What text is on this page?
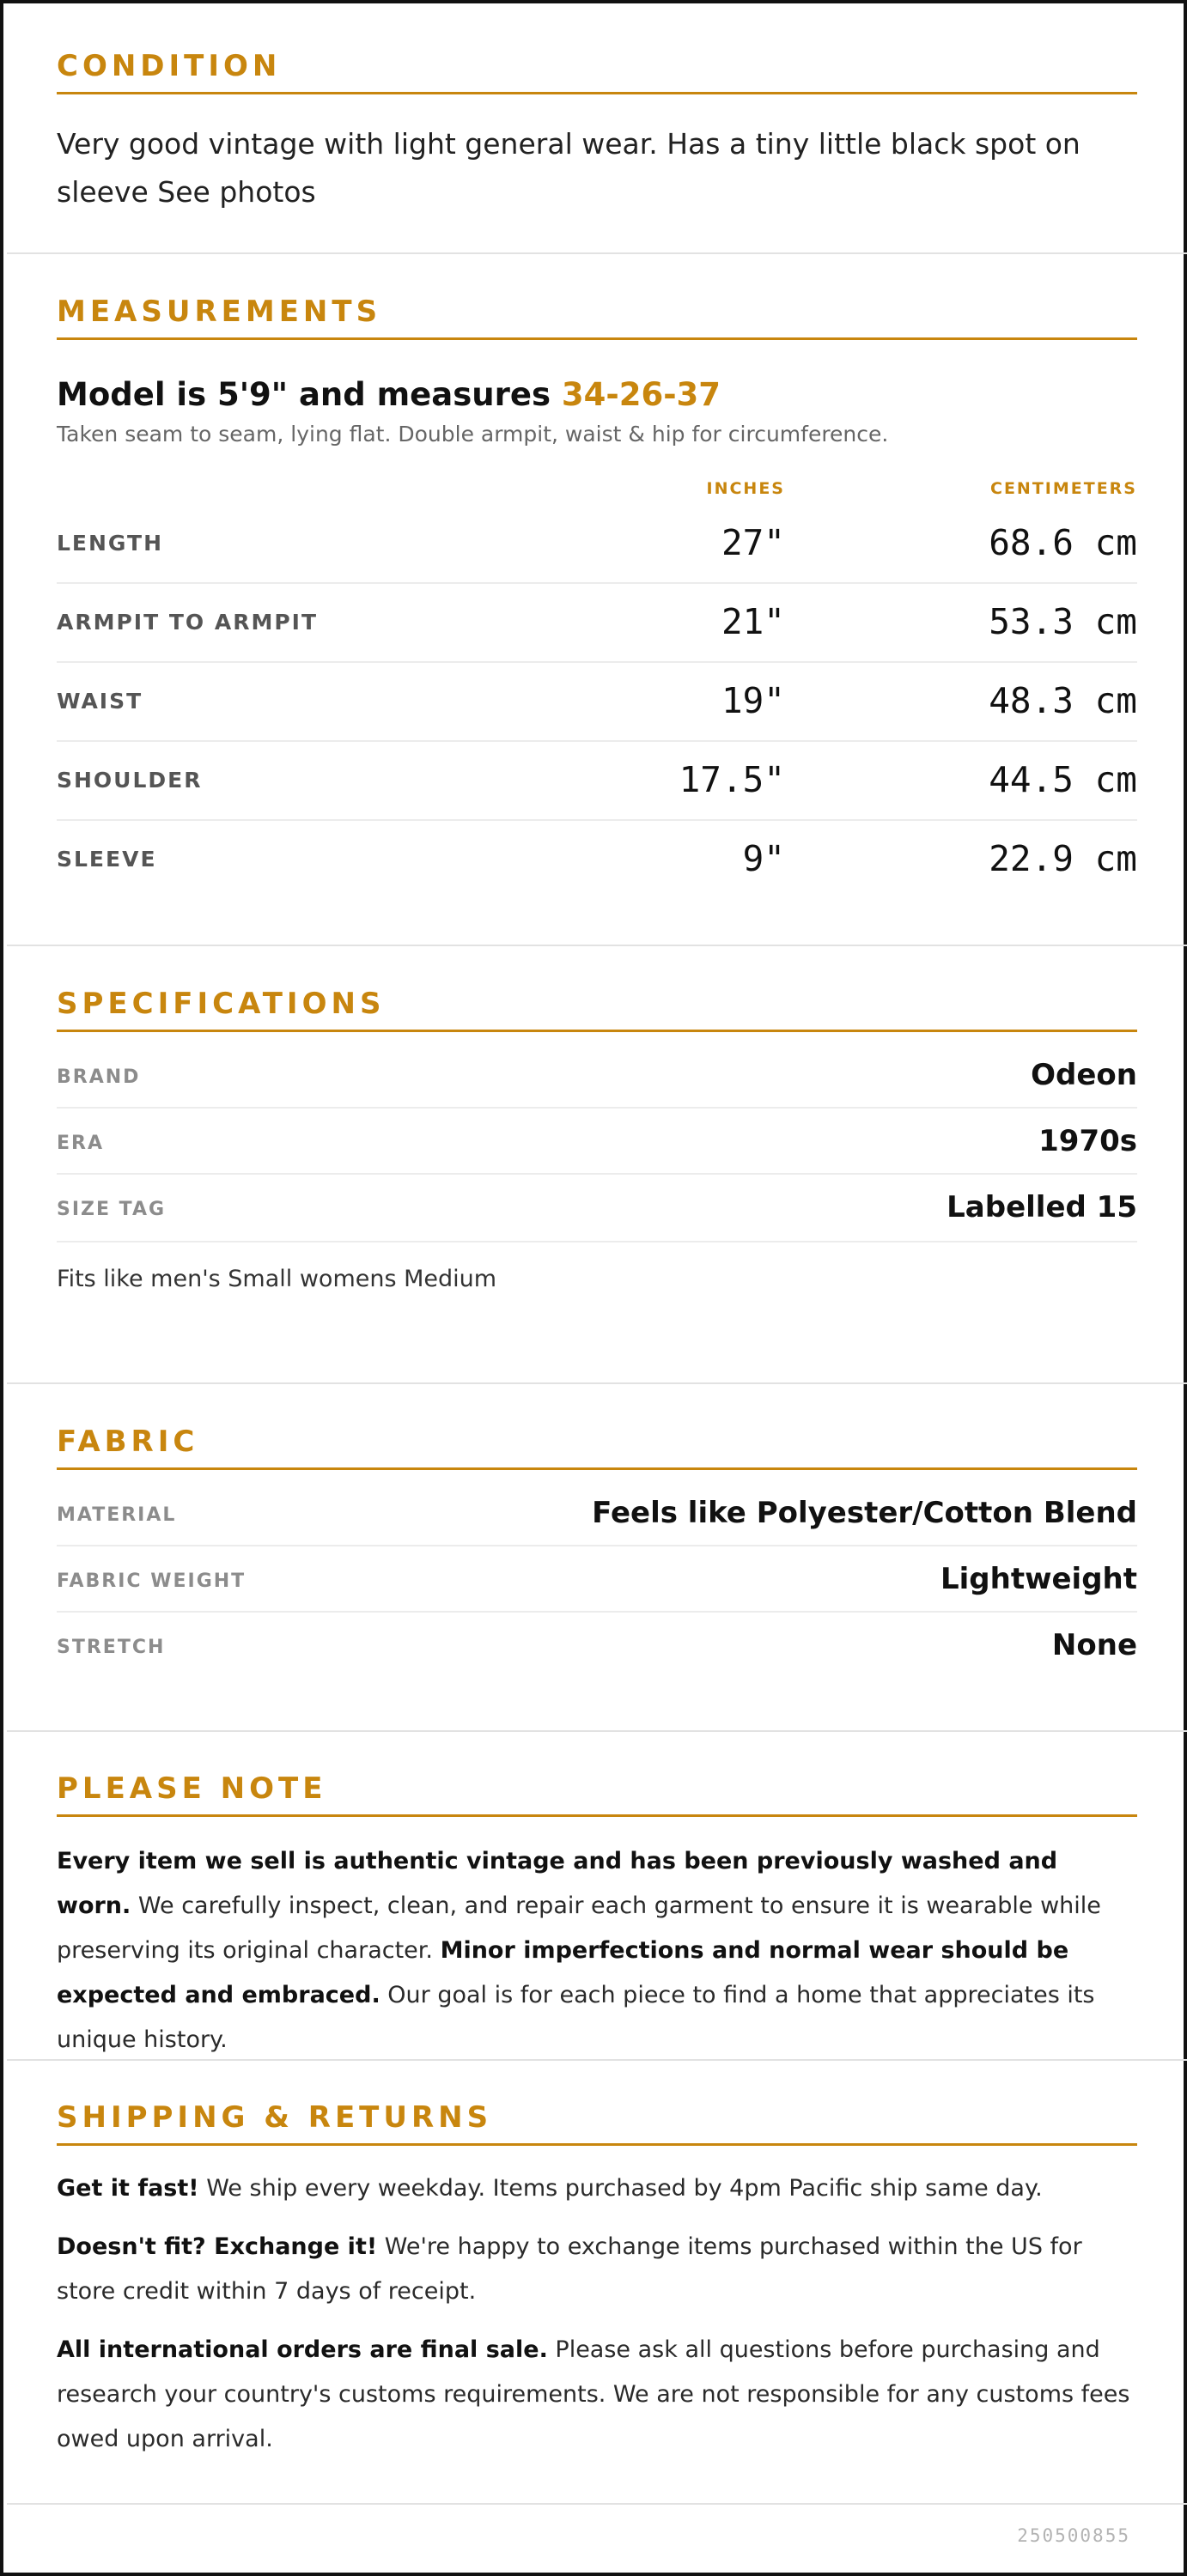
CONDITION
Very good vintage with light general wear. Has a tiny little black spot on sleeve See photos
MEASUREMENTS
Model is 5'9" and measures 34-26-37
Taken seam to seam, lying flat. Double armpit, waist & hip for circumference.
INCHES	CENTIMETERS
LENGTH	27"	68.6 cm
ARMPIT TO ARMPIT	21"	53.3 cm
WAIST	19"	48.3 cm
SHOULDER	17.5"	44.5 cm
SLEEVE	9"	22.9 cm
SPECIFICATIONS
BRAND	Odeon
ERA	1970s
SIZE TAG	Labelled 15
Fits like men's Small womens Medium
FABRIC
MATERIAL	Feels like Polyester/Cotton Blend
FABRIC WEIGHT	Lightweight
STRETCH	None
PLEASE NOTE

Every item we sell is authentic vintage and has been previously washed and worn. We carefully inspect, clean, and repair each garment to ensure it is wearable while preserving its original character. Minor imperfections and normal wear should be expected and embraced. Our goal is for each piece to find a home that appreciates its unique history.

SHIPPING & RETURNS

Get it fast! We ship every weekday. Items purchased by 4pm Pacific ship same day.

Doesn't fit? Exchange it! We're happy to exchange items purchased within the US for store credit within 7 days of receipt.

All international orders are final sale. Please ask all questions before purchasing and research your country's customs requirements. We are not responsible for any customs fees owed upon arrival.

250500855
